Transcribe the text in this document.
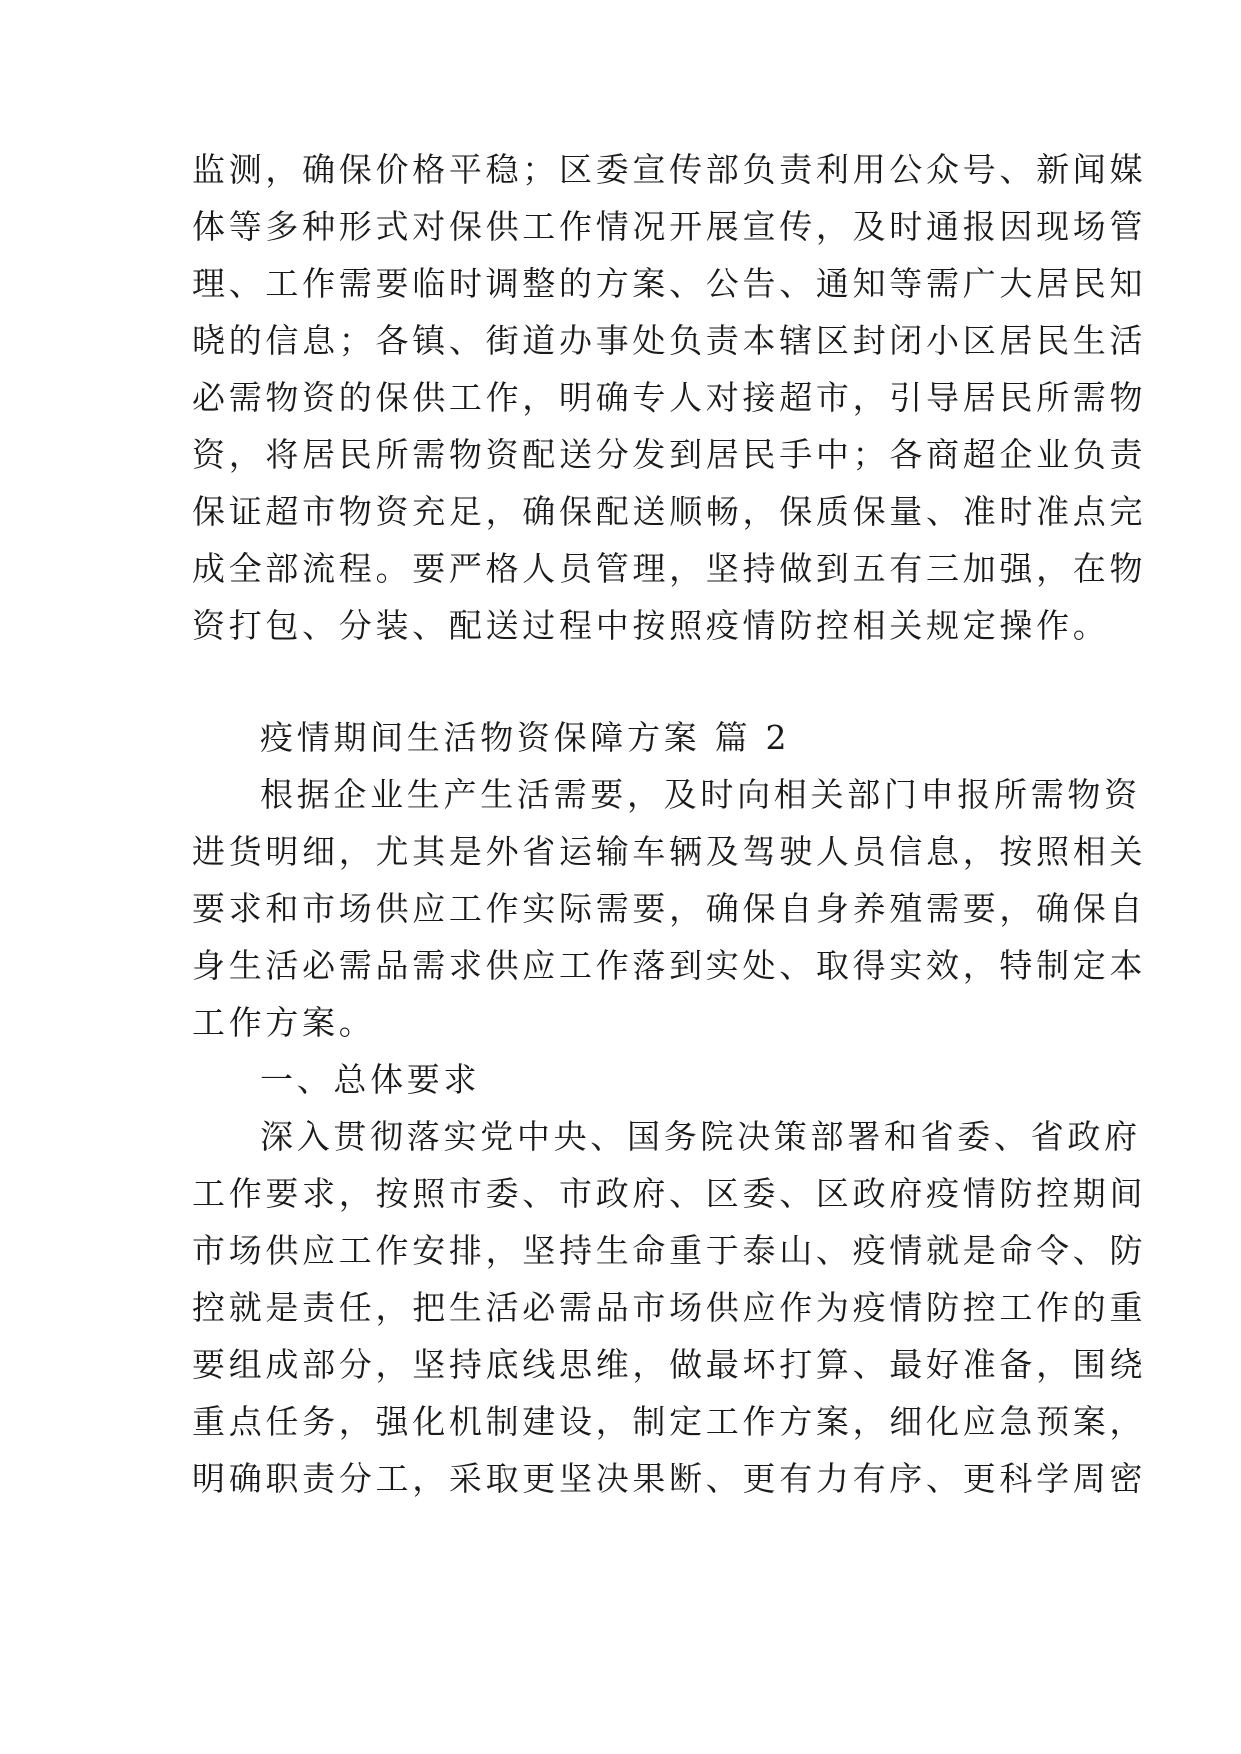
监测，确保价格平稳；区委宣传部负责利用公众号、新闻媒
体等多种形式对保供工作情况开展宣传，及时通报因现场管
理、工作需要临时调整的方案、公告、通知等需广大居民知
晓的信息；各镇、街道办事处负责本辖区封闭小区居民生活
必需物资的保供工作，明确专人对接超市，引导居民所需物
资，将居民所需物资配送分发到居民手中；各商超企业负责
保证超市物资充足，确保配送顺畅，保质保量、准时准点完
成全部流程。要严格人员管理，坚持做到五有三加强，在物
资打包、分装、配送过程中按照疫情防控相关规定操作。
疫情期间生活物资保障方案 篇 2
根据企业生产生活需要，及时向相关部门申报所需物资
进货明细，尤其是外省运输车辆及驾驶人员信息，按照相关
要求和市场供应工作实际需要，确保自身养殖需要，确保自
身生活必需品需求供应工作落到实处、取得实效，特制定本
工作方案。
一、总体要求
深入贯彻落实党中央、国务院决策部署和省委、省政府
工作要求，按照市委、市政府、区委、区政府疫情防控期间
市场供应工作安排，坚持生命重于泰山、疫情就是命令、防
控就是责任，把生活必需品市场供应作为疫情防控工作的重
要组成部分，坚持底线思维，做最坏打算、最好准备，围绕
重点任务，强化机制建设，制定工作方案，细化应急预案，
明确职责分工，采取更坚决果断、更有力有序、更科学周密
